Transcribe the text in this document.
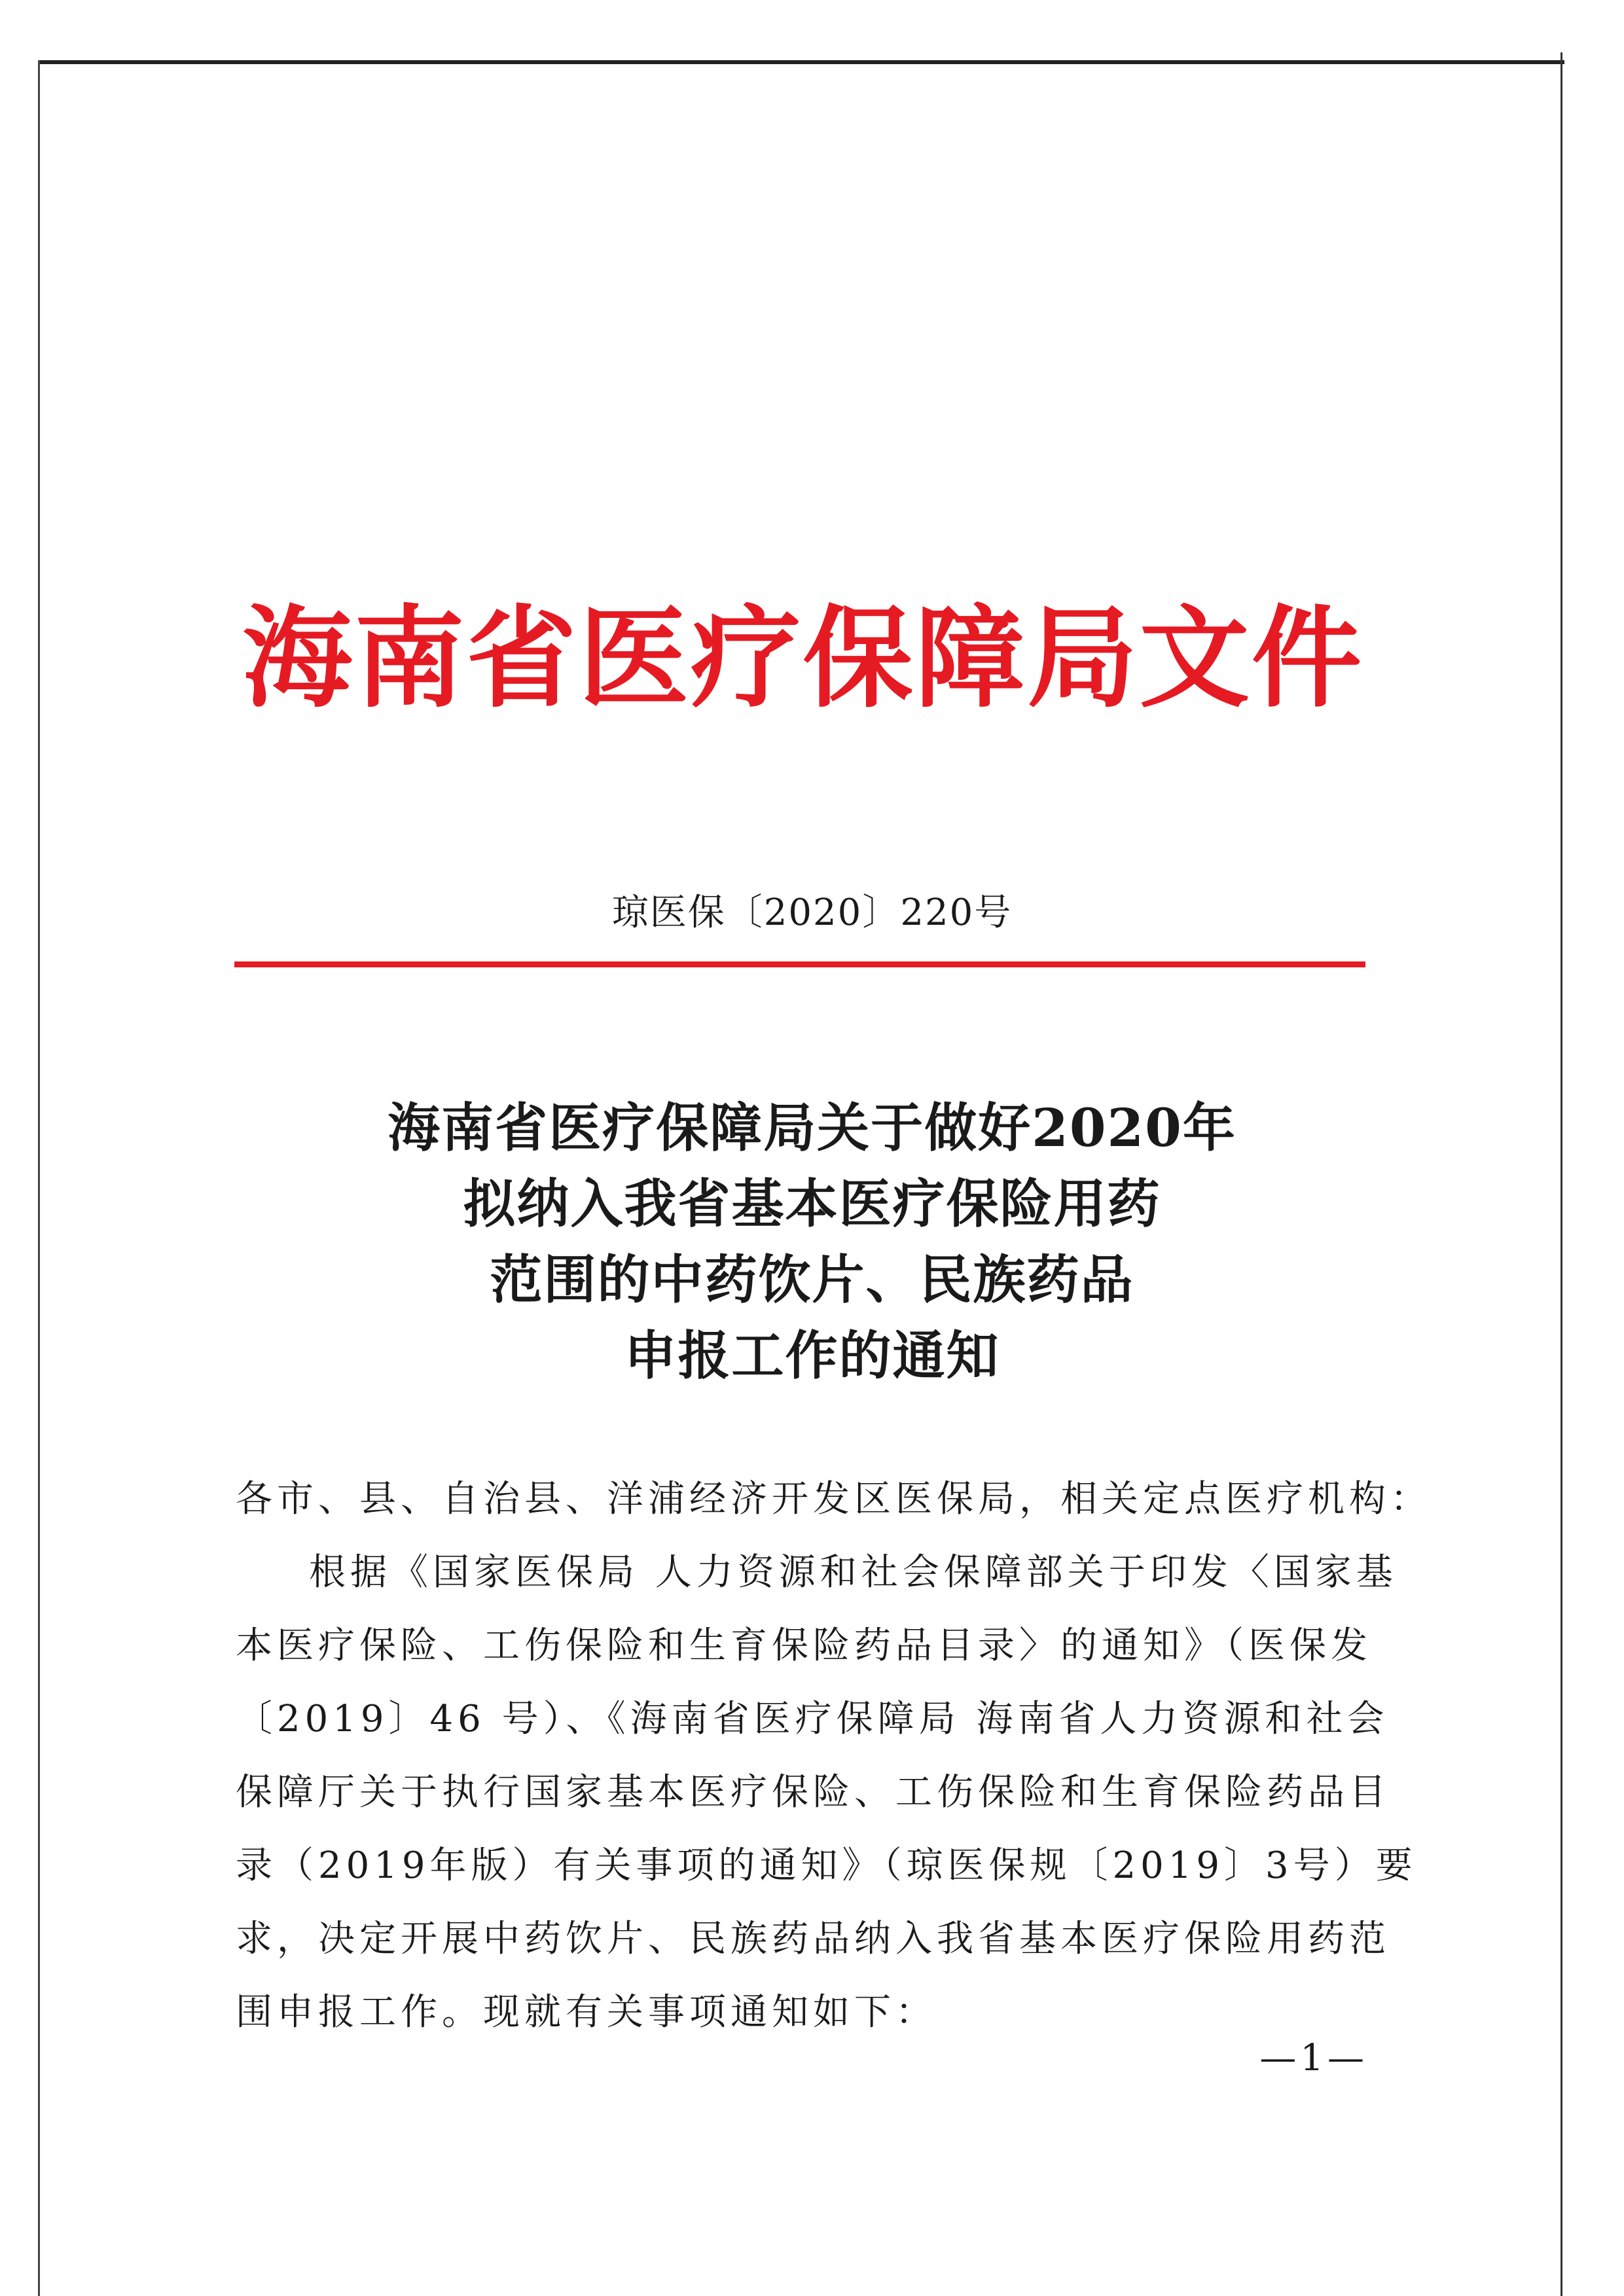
海 南 省 医 疗 保 障 局 文 件
琼医保〔2020〕220号
海南省医疗保障局关于做好2020年
拟纳入我省基本医疗保险用药
范围的中药饮片、民族药品
申报工作的通知
各市、县、自治县、洋浦经济开发区医保局，相关定点医疗机构：
根据《国家医保局 人力资源和社会保障部关于印发〈国家基
本医疗保险、工伤保险和生育保险药品目录〉的通知》（医保发
〔2019〕46 号）、《海南省医疗保障局 海南省人力资源和社会
保障厅关于执行国家基本医疗保险、工伤保险和生育保险药品目
录（2019年版）有关事项的通知》（琼医保规〔2019〕3号）要
求，决定开展中药饮片、民族药品纳入我省基本医疗保险用药范
围申报工作。现就有关事项通知如下：
—1—
